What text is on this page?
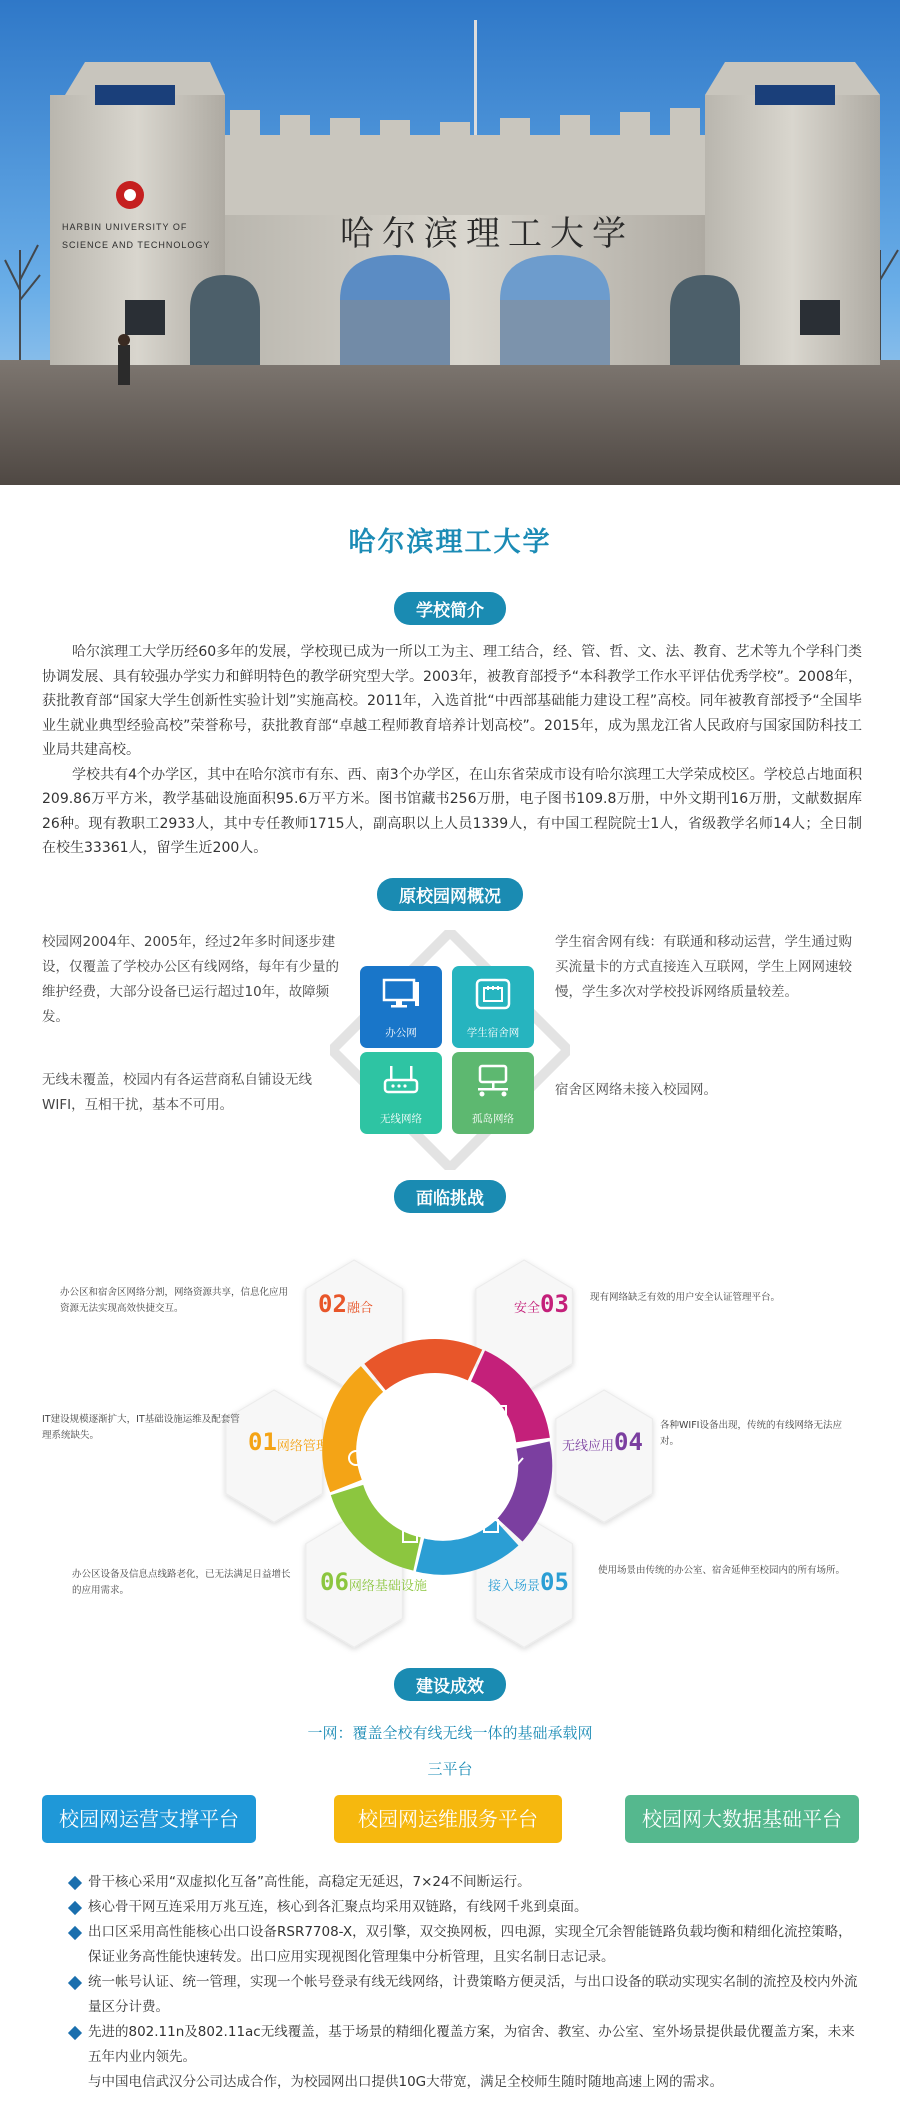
HARBIN UNIVERSITY OF
SCIENCE AND TECHNOLOGY	哈尔滨理工大学
哈尔滨理工大学
学校简介

哈尔滨理工大学历经60多年的发展，学校现已成为一所以工为主、理工结合，经、管、哲、文、法、教育、艺术等九个学科门类协调发展、具有较强办学实力和鲜明特色的教学研究型大学。2003年，被教育部授予“本科教学工作水平评估优秀学校”。2008年，获批教育部“国家大学生创新性实验计划”实施高校。2011年，入选首批“中西部基础能力建设工程”高校。同年被教育部授予“全国毕业生就业典型经验高校”荣誉称号，获批教育部“卓越工程师教育培养计划高校”。2015年，成为黑龙江省人民政府与国家国防科技工业局共建高校。

学校共有4个办学区，其中在哈尔滨市有东、西、南3个办学区，在山东省荣成市设有哈尔滨理工大学荣成校区。学校总占地面积209.86万平方米，教学基础设施面积95.6万平方米。图书馆藏书256万册，电子图书109.8万册，中外文期刊16万册，文献数据库26种。现有教职工2933人，其中专任教师1715人，副高职以上人员1339人，有中国工程院院士1人，省级教学名师14人；全日制在校生33361人，留学生近200人。

原校园网概况
校园网2004年、2005年，经过2年多时间逐步建设，仅覆盖了学校办公区有线网络，每年有少量的维护经费，大部分设备已运行超过10年，故障频发。
无线未覆盖，校园内有各运营商私自铺设无线WIFI，互相干扰，基本不可用。
学生宿舍网有线：有联通和移动运营，学生通过购买流量卡的方式直接连入互联网，学生上网网速较慢，学生多次对学校投诉网络质量较差。
宿舍区网络未接入校园网。
办公网	学生宿舍网
无线网络	孤岛网络
面临挑战
02融合	安全03
无线应用04
接入场景05
06网络基础设施
01网络管理
办公区和宿舍区网络分割，网络资源共享，信息化应用资源无法实现高效快捷交互。
现有网络缺乏有效的用户安全认证管理平台。
各种WIFI设备出现，传统的有线网络无法应对。
使用场景由传统的办公室、宿舍延伸至校园内的所有场所。
办公区设备及信息点线路老化，已无法满足日益增长的应用需求。
IT建设规模逐渐扩大，IT基础设施运维及配套管理系统缺失。
建设成效
一网：覆盖全校有线无线一体的基础承载网
三平台
校园网运营支撑平台	校园网运维服务平台	校园网大数据基础平台
骨干核心采用“双虚拟化互备”高性能，高稳定无延迟，7×24不间断运行。
核心骨干网互连采用万兆互连，核心到各汇聚点均采用双链路，有线网千兆到桌面。
出口区采用高性能核心出口设备RSR7708-X，双引擎，双交换网板，四电源，实现全冗余智能链路负载均衡和精细化流控策略，保证业务高性能快速转发。出口应用实现视图化管理集中分析管理，且实名制日志记录。
统一帐号认证、统一管理，实现一个帐号登录有线无线网络，计费策略方便灵活，与出口设备的联动实现实名制的流控及校内外流量区分计费。
先进的802.11n及802.11ac无线覆盖，基于场景的精细化覆盖方案，为宿舍、教室、办公室、室外场景提供最优覆盖方案，未来五年内业内领先。
与中国电信武汉分公司达成合作，为校园网出口提供10G大带宽，满足全校师生随时随地高速上网的需求。
